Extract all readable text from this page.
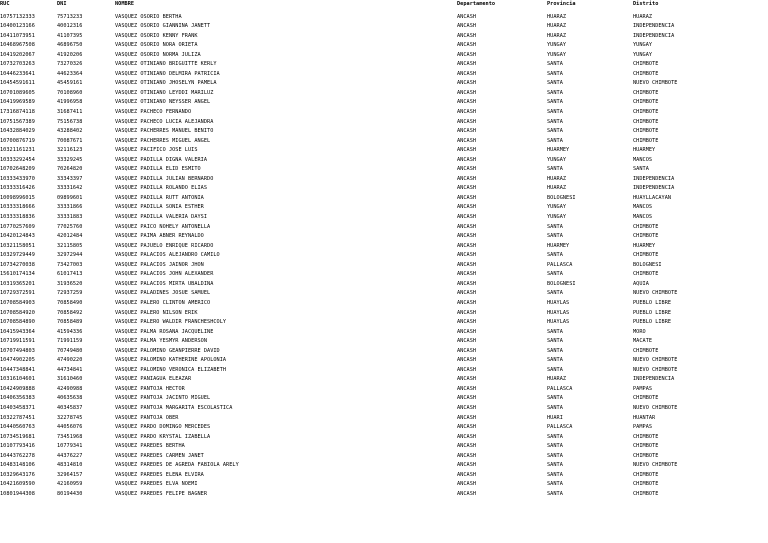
RUC	DNI	NOMBRE	Departamento	Provincia	Distrito
10757132333	75713233	VASQUEZ OSORIO BERTHA	ANCASH	HUARAZ	HUARAZ
10400123166	40012316	VASQUEZ OSORIO GIANNINA JANETT	ANCASH	HUARAZ	INDEPENDENCIA
10411073951	41107395	VASQUEZ OSORIO KENNY FRANK	ANCASH	HUARAZ	INDEPENDENCIA
10468967508	46896750	VASQUEZ OSORIO NORA ORIETA	ANCASH	YUNGAY	YUNGAY
10419202067	41920206	VASQUEZ OSORIO NORMA JULIZA	ANCASH	YUNGAY	YUNGAY
10732703263	73270326	VASQUEZ OTINIANO BRIGUITTE KERLY	ANCASH	SANTA	CHIMBOTE
10446233641	44623364	VASQUEZ OTINIANO DELMIRA PATRICIA	ANCASH	SANTA	CHIMBOTE
10454591611	45459161	VASQUEZ OTINIANO JHOSELYN PAMELA	ANCASH	SANTA	NUEVO CHIMBOTE
10701089605	70108960	VASQUEZ OTINIANO LEYDDI MARILUZ	ANCASH	SANTA	CHIMBOTE
10419969589	41996958	VASQUEZ OTINIANO NEYSSER ANGEL	ANCASH	SANTA	CHIMBOTE
17316874118	31687411	VASQUEZ PACHECO FERNANDO	ANCASH	SANTA	CHIMBOTE
10751567389	75156738	VASQUEZ PACHECO LUCIA ALEJANDRA	ANCASH	SANTA	CHIMBOTE
10432884029	43288402	VASQUEZ PACHERRES MANUEL BENITO	ANCASH	SANTA	CHIMBOTE
10700876719	70087671	VASQUEZ PACHERRES MIGUEL ANGEL	ANCASH	SANTA	CHIMBOTE
10321161231	32116123	VASQUEZ PACIFICO JOSE LUIS	ANCASH	HUARMEY	HUARMEY
10333292454	33329245	VASQUEZ PADILLA DIGNA VALERIA	ANCASH	YUNGAY	MANCOS
10702648209	70264820	VASQUEZ PADILLA ELID ESMITO	ANCASH	SANTA	SANTA
10333433970	33343397	VASQUEZ PADILLA JULIAN BERNARDO	ANCASH	HUARAZ	INDEPENDENCIA
10333316426	33331642	VASQUEZ PADILLA ROLANDO ELIAS	ANCASH	HUARAZ	INDEPENDENCIA
10098996015	09899601	VASQUEZ PADILLA RUTT ANTONIA	ANCASH	BOLOGNESI	HUAYLLACAYAN
10333318666	33331866	VASQUEZ PADILLA SONIA ESTHER	ANCASH	YUNGAY	MANCOS
10333318836	33331883	VASQUEZ PADILLA VALERIA DAYSI	ANCASH	YUNGAY	MANCOS
10770257609	77025760	VASQUEZ PAICO NOHELY ANTONELLA	ANCASH	SANTA	CHIMBOTE
10420124843	42012484	VASQUEZ PAIMA ABNER REYNALDO	ANCASH	SANTA	CHIMBOTE
10321158051	32115805	VASQUEZ PAJUELO ENRIQUE RICARDO	ANCASH	HUARMEY	HUARMEY
10329729449	32972944	VASQUEZ PALACIOS ALEJANDRO CAMILO	ANCASH	SANTA	CHIMBOTE
10734270038	73427003	VASQUEZ PALACIOS JAINOR JHON	ANCASH	PALLASCA	BOLOGNESI
15610174134	61017413	VASQUEZ PALACIOS JOHN ALEXANDER	ANCASH	SANTA	CHIMBOTE
10319365201	31936520	VASQUEZ PALACIOS MIRTA UBALDINA	ANCASH	BOLOGNESI	AQUIA
10729372591	72937259	VASQUEZ PALADINES JOSUE SAMUEL	ANCASH	SANTA	NUEVO CHIMBOTE
10708584903	70858490	VASQUEZ PALERO CLINTON AMERICO	ANCASH	HUAYLAS	PUEBLO LIBRE
10708584920	70858492	VASQUEZ PALERO NILSON ERIK	ANCASH	HUAYLAS	PUEBLO LIBRE
10708584890	70858489	VASQUEZ PALERO WALDIR FRANCHESHCOLY	ANCASH	HUAYLAS	PUEBLO LIBRE
10415943364	41594336	VASQUEZ PALMA ROSANA JACQUELINE	ANCASH	SANTA	MORO
10719911591	71991159	VASQUEZ PALMA YESMYR ANDERSON	ANCASH	SANTA	MACATE
10707494803	70749480	VASQUEZ PALOMINO GEANPIERRE DAVID	ANCASH	SANTA	CHIMBOTE
10474902205	47490220	VASQUEZ PALOMINO KATHERINE APOLONIA	ANCASH	SANTA	NUEVO CHIMBOTE
10447348841	44734841	VASQUEZ PALOMINO VERONICA ELIZABETH	ANCASH	SANTA	NUEVO CHIMBOTE
10316104601	31610460	VASQUEZ PANIAGUA ELEAZAR	ANCASH	HUARAZ	INDEPENDENCIA
10424909888	42490988	VASQUEZ PANTOJA HECTOR	ANCASH	PALLASCA	PAMPAS
10406356383	40635638	VASQUEZ PANTOJA JACINTO MIGUEL	ANCASH	SANTA	CHIMBOTE
10403458371	40345837	VASQUEZ PANTOJA MARGARITA ESCOLASTICA	ANCASH	SANTA	NUEVO CHIMBOTE
10322787451	32278745	VASQUEZ PANTOJA OBER	ANCASH	HUARI	HUANTAR
10440560763	44056076	VASQUEZ PARDO DOMINGO MERCEDES	ANCASH	PALLASCA	PAMPAS
10734519681	73451968	VASQUEZ PARDO KRYSTAL IZABELLA	ANCASH	SANTA	CHIMBOTE
10107793416	10779341	VASQUEZ PAREDES BERTHA	ANCASH	SANTA	CHIMBOTE
10443762278	44376227	VASQUEZ PAREDES CARMEN JANET	ANCASH	SANTA	CHIMBOTE
10483148106	48314810	VASQUEZ PAREDES DE AGREDA FABIOLA ARELY	ANCASH	SANTA	NUEVO CHIMBOTE
10329643176	32964157	VASQUEZ PAREDES ELENA ELVIRA	ANCASH	SANTA	CHIMBOTE
10421609590	42160959	VASQUEZ PAREDES ELVA NOEMI	ANCASH	SANTA	CHIMBOTE
10801944308	80194430	VASQUEZ PAREDES FELIPE BAGNER	ANCASH	SANTA	CHIMBOTE
